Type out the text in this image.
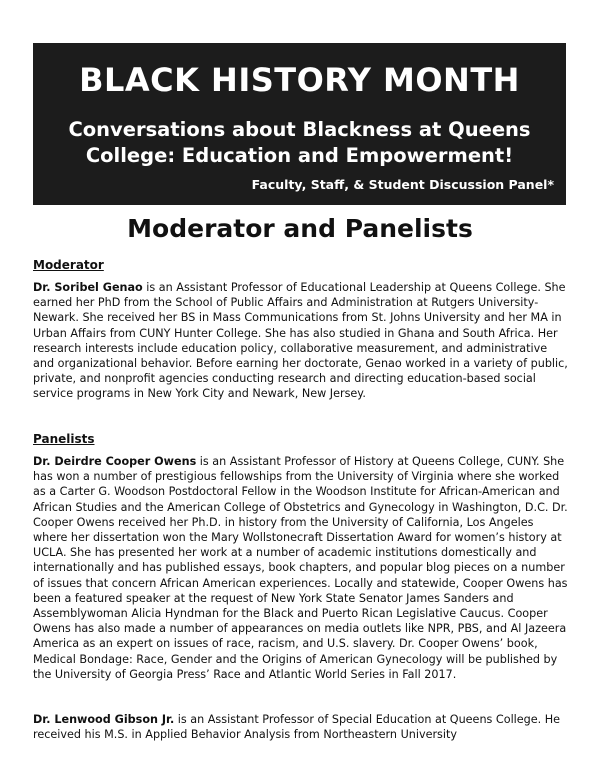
BLACK HISTORY MONTH
Conversations about Blackness at Queens College: Education and Empowerment!
Faculty, Staff, & Student Discussion Panel*
Moderator and Panelists
Moderator

Dr. Soribel Genao is an Assistant Professor of Educational Leadership at Queens College. She earned her PhD from the School of Public Affairs and Administration at Rutgers University-Newark. She received her BS in Mass Communications from St. Johns University and her MA in Urban Affairs from CUNY Hunter College. She has also studied in Ghana and South Africa. Her research interests include education policy, collaborative measurement, and administrative and organizational behavior. Before earning her doctorate, Genao worked in a variety of public, private, and nonprofit agencies conducting research and directing education-based social service programs in New York City and Newark, New Jersey.

Panelists

Dr. Deirdre Cooper Owens is an Assistant Professor of History at Queens College, CUNY. She has won a number of prestigious fellowships from the University of Virginia where she worked as a Carter G. Woodson Postdoctoral Fellow in the Woodson Institute for African-American and African Studies and the American College of Obstetrics and Gynecology in Washington, D.C. Dr. Cooper Owens received her Ph.D. in history from the University of California, Los Angeles where her dissertation won the Mary Wollstonecraft Dissertation Award for women’s history at UCLA. She has presented her work at a number of academic institutions domestically and internationally and has published essays, book chapters, and popular blog pieces on a number of issues that concern African American experiences. Locally and statewide, Cooper Owens has been a featured speaker at the request of New York State Senator James Sanders and Assemblywoman Alicia Hyndman for the Black and Puerto Rican Legislative Caucus. Cooper Owens has also made a number of appearances on media outlets like NPR, PBS, and Al Jazeera America as an expert on issues of race, racism, and U.S. slavery. Dr. Cooper Owens’ book, Medical Bondage: Race, Gender and the Origins of American Gynecology will be published by the University of Georgia Press’ Race and Atlantic World Series in Fall 2017.

Dr. Lenwood Gibson Jr. is an Assistant Professor of Special Education at Queens College. He received his M.S. in Applied Behavior Analysis from Northeastern University
